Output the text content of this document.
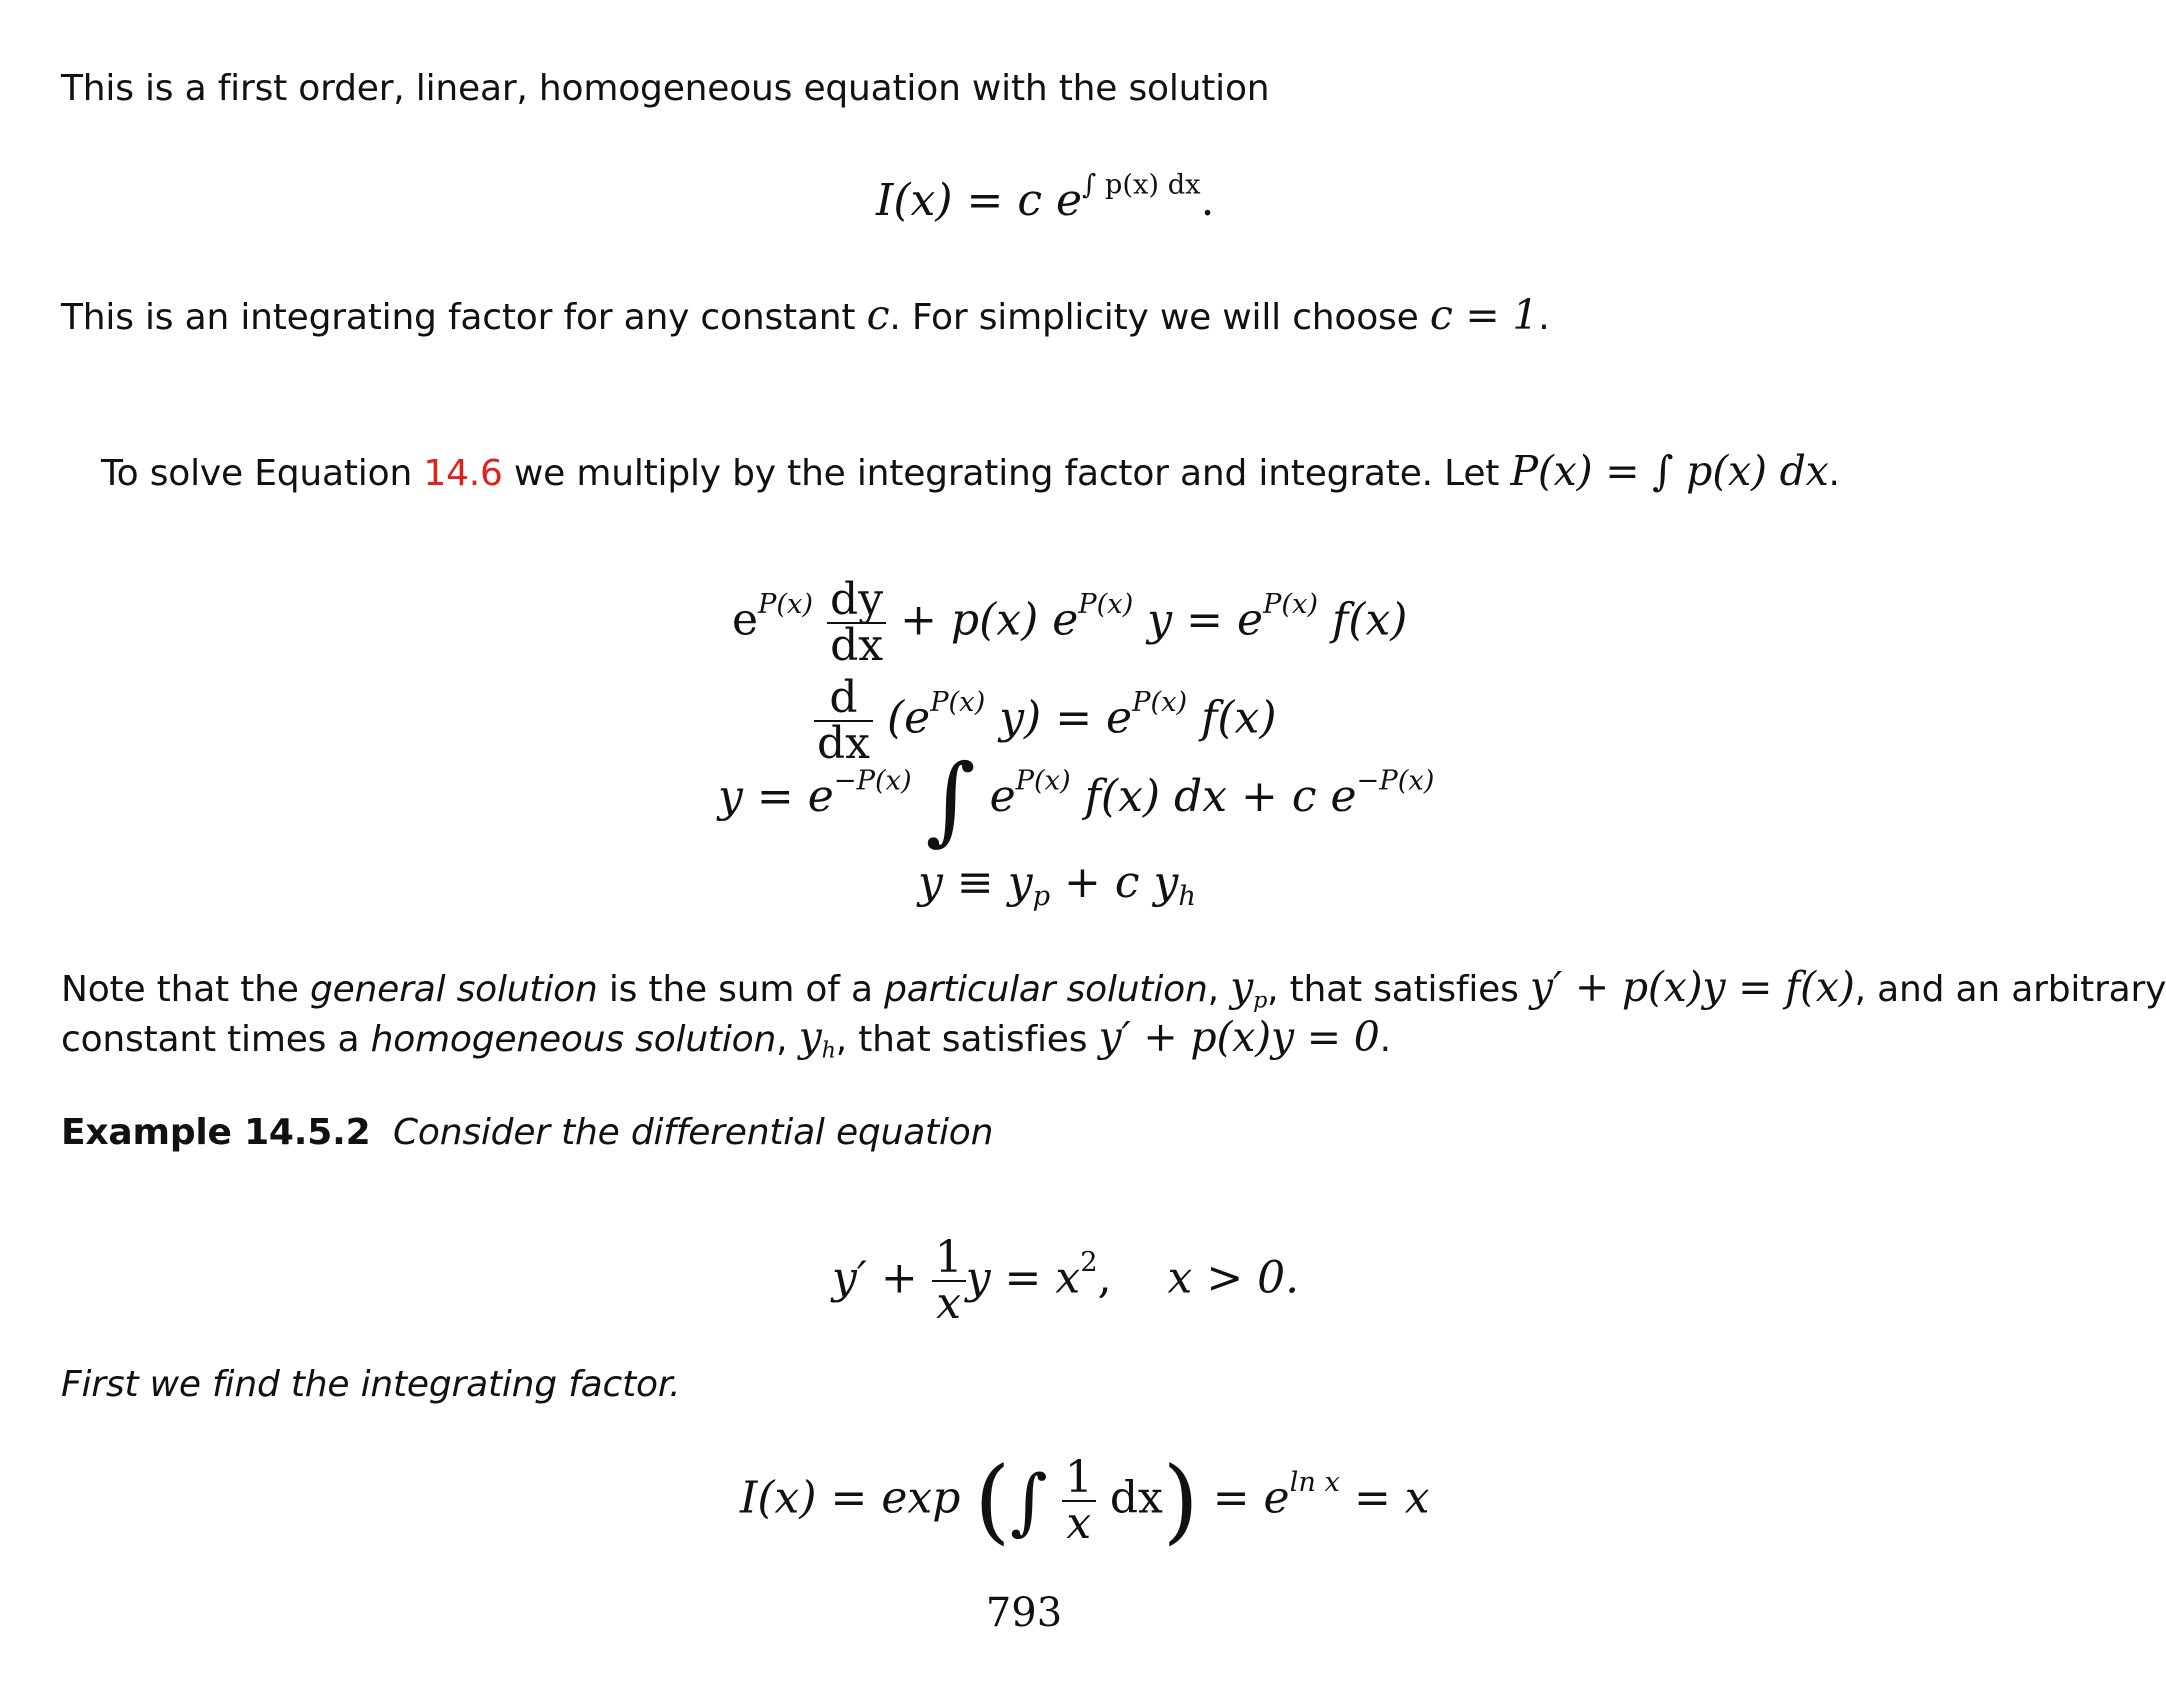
This is a first order, linear, homogeneous equation with the solution
I(x) = c $e^{\int p(x) dx}$.
This is an integrating factor for any constant c. For simplicity we will choose c = 1.
To solve Equation 14.6 we multiply by the integrating factor and integrate. Let P(x) = ∫ p(x) dx.
$e^{P(x)} \frac{dy}{dx} + p(x)$ $e^{P(x)}$ $y = e^{P(x)}$ f(x)
$\frac{d}{dx} (e^{P(x)}$ $y) = e^{P(x)}$ f(x)
$y = e^{-P(x)}$ ∫ $e^{P(x)}$ f(x) dx + c $e^{-P(x)}$
$y \equiv y_p + c$ $y_h$
Note that the general solution is the sum of a particular solution, $y_p$, that satisfies y′ + p(x)y = f(x), and an arbitrary
constant times a homogeneous solution, $y_h$, that satisfies y′ + p(x)y = 0.
Example 14.5.2 Consider the differential equation
$y' + \frac{1}{x}$ $y = x^2$, x > 0.
First we find the integrating factor.
I(x) = exp (∫ $\frac{1}{x} dx) = e^{ln x} = x$
793
